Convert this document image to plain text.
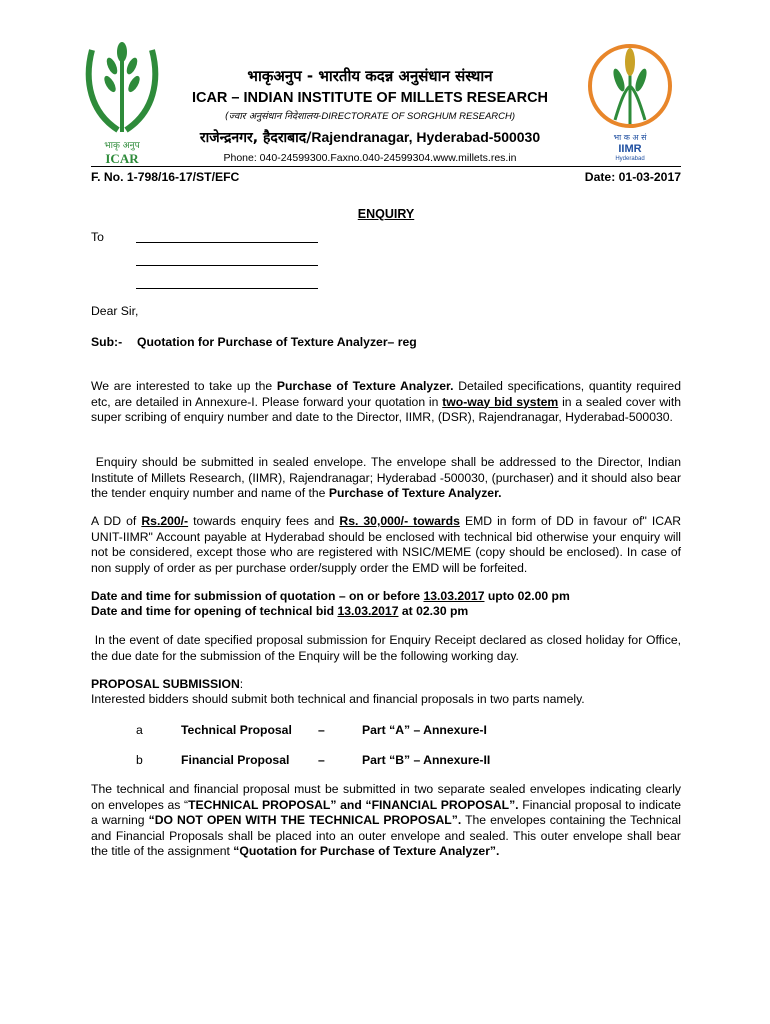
भाकृ अनुप
ICAR
भा क अ सं
IIMR
Hyderabad
भाकृअनुप - भारतीय कदन्न अनुसंधान संस्थान
ICAR – INDIAN INSTITUTE OF MILLETS RESEARCH
(ज्वार अनुसंधान निदेशालय-DIRECTORATE OF SORGHUM RESEARCH)
राजेन्द्रनगर, हैदराबाद/Rajendranagar, Hyderabad-500030
Phone: 040-24599300.Faxno.040-24599304.www.millets.res.in
F. No. 1-798/16-17/ST/EFC	Date: 01-03-2017
ENQUIRY
To
Dear Sir,
Sub:- Quotation for Purchase of Texture Analyzer– reg
We are interested to take up the Purchase of Texture Analyzer. Detailed specifications, quantity required etc, are detailed in Annexure-I. Please forward your quotation in two-way bid system in a sealed cover with super scribing of enquiry number and date to the Director, IIMR, (DSR), Rajendranagar, Hyderabad-500030.
Enquiry should be submitted in sealed envelope. The envelope shall be addressed to the Director, Indian Institute of Millets Research, (IIMR), Rajendranagar; Hyderabad -500030, (purchaser) and it should also bear the tender enquiry number and name of the Purchase of Texture Analyzer.
A DD of Rs.200/- towards enquiry fees and Rs. 30,000/- towards EMD in form of DD in favour of" ICAR UNIT-IIMR" Account payable at Hyderabad should be enclosed with technical bid otherwise your enquiry will not be considered, except those who are registered with NSIC/MEME (copy should be enclosed). In case of non supply of order as per purchase order/supply order the EMD will be forfeited.
Date and time for submission of quotation – on or before 13.03.2017 upto 02.00 pm
Date and time for opening of technical bid 13.03.2017 at 02.30 pm
In the event of date specified proposal submission for Enquiry Receipt declared as closed holiday for Office, the due date for the submission of the Enquiry will be the following working day.
PROPOSAL SUBMISSION:
Interested bidders should submit both technical and financial proposals in two parts namely.
a	Technical Proposal –	Part “A” – Annexure-I
b	Financial Proposal –	Part “B” – Annexure-II
The technical and financial proposal must be submitted in two separate sealed envelopes indicating clearly on envelopes as “TECHNICAL PROPOSAL” and “FINANCIAL PROPOSAL”. Financial proposal to indicate a warning “DO NOT OPEN WITH THE TECHNICAL PROPOSAL”. The envelopes containing the Technical and Financial Proposals shall be placed into an outer envelope and sealed. This outer envelope shall bear the title of the assignment “Quotation for Purchase of Texture Analyzer”.
